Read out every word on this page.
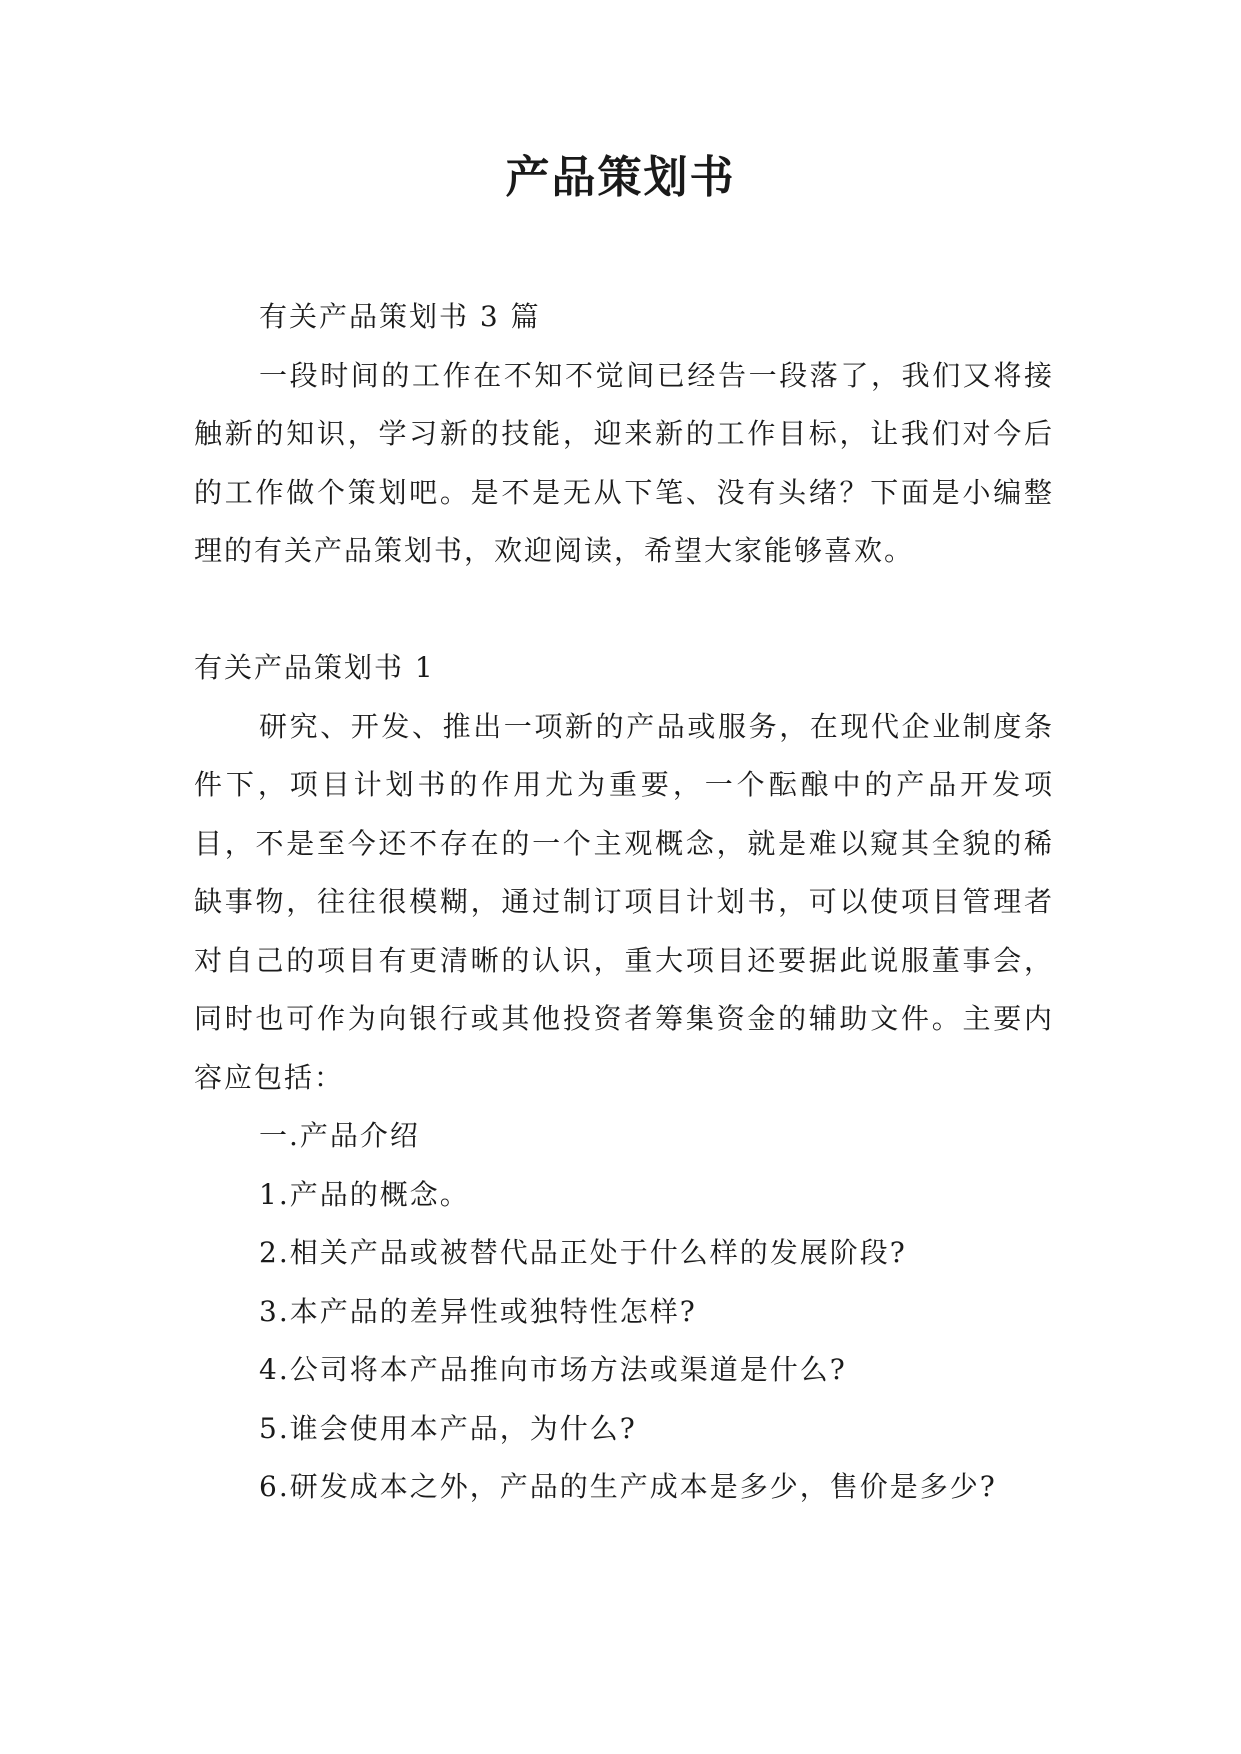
产品策划书

有关产品策划书 3 篇

一段时间的工作在不知不觉间已经告一段落了，我们又将接触新的知识，学习新的技能，迎来新的工作目标，让我们对今后的工作做个策划吧。是不是无从下笔、没有头绪？下面是小编整理的有关产品策划书，欢迎阅读，希望大家能够喜欢。

有关产品策划书 1

研究、开发、推出一项新的产品或服务，在现代企业制度条件下，项目计划书的作用尤为重要，一个酝酿中的产品开发项目，不是至今还不存在的一个主观概念，就是难以窥其全貌的稀缺事物，往往很模糊，通过制订项目计划书，可以使项目管理者对自己的项目有更清晰的认识，重大项目还要据此说服董事会，同时也可作为向银行或其他投资者筹集资金的辅助文件。主要内容应包括：

一.产品介绍

1.产品的概念。

2.相关产品或被替代品正处于什么样的发展阶段?

3.本产品的差异性或独特性怎样?

4.公司将本产品推向市场方法或渠道是什么?

5.谁会使用本产品，为什么?

6.研发成本之外，产品的生产成本是多少，售价是多少?
